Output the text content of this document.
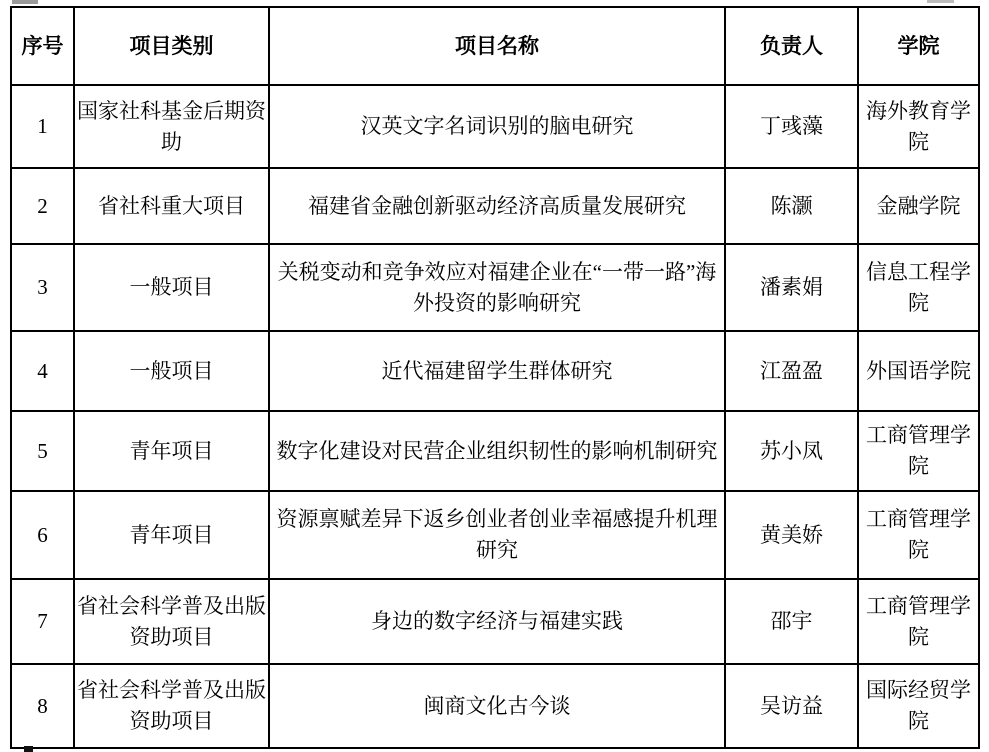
序号	项目类别	项目名称	负责人	学院
1	国家社科基金后期资助	汉英文字名词识别的脑电研究	丁彧藻	海外教育学院
2	省社科重大项目	福建省金融创新驱动经济高质量发展研究	陈灏	金融学院
3	一般项目	关税变动和竞争效应对福建企业在“一带一路”海外投资的影响研究	潘素娟	信息工程学院
4	一般项目	近代福建留学生群体研究	江盈盈	外国语学院
5	青年项目	数字化建设对民营企业组织韧性的影响机制研究	苏小凤	工商管理学院
6	青年项目	资源禀赋差异下返乡创业者创业幸福感提升机理研究	黄美娇	工商管理学院
7	省社会科学普及出版资助项目	身边的数字经济与福建实践	邵宇	工商管理学院
8	省社会科学普及出版资助项目	闽商文化古今谈	吴访益	国际经贸学院
